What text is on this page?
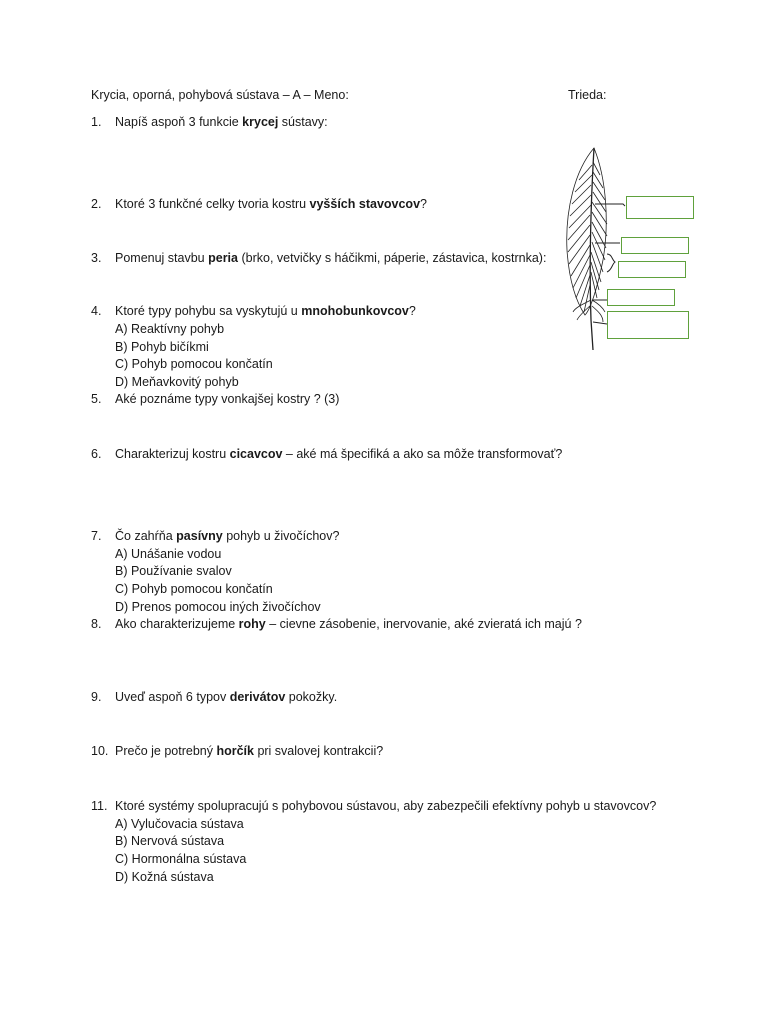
Krycia, oporná, pohybová sústava – A – Meno:	Trieda:
1. Napíš aspoň 3 funkcie krycej sústavy:
2. Ktoré 3 funkčné celky tvoria kostru vyšších stavovcov?
3. Pomenuj stavbu peria (brko, vetvičky s háčikmi, páperie, zástavica, kostrnka):
4. Ktoré typy pohybu sa vyskytujú u mnohobunkovcov?
A) Reaktívny pohyb
B) Pohyb bičíkmi
C) Pohyb pomocou končatín
D) Meňavkovitý pohyb
5. Aké poznáme typy vonkajšej kostry ? (3)
6. Charakterizuj kostru cicavcov – aké má špecifiká a ako sa môže transformovať?
7. Čo zahŕňa pasívny pohyb u živočíchov?
A) Unášanie vodou
B) Používanie svalov
C) Pohyb pomocou končatín
D) Prenos pomocou iných živočíchov
8. Ako charakterizujeme rohy – cievne zásobenie, inervovanie, aké zvieratá ich majú ?
9. Uveď aspoň 6 typov derivátov pokožky.
10. Prečo je potrebný horčík pri svalovej kontrakcii?
11. Ktoré systémy spolupracujú s pohybovou sústavou, aby zabezpečili efektívny pohyb u stavovcov?
A) Vylučovacia sústava
B) Nervová sústava
C) Hormonálna sústava
D) Kožná sústava
